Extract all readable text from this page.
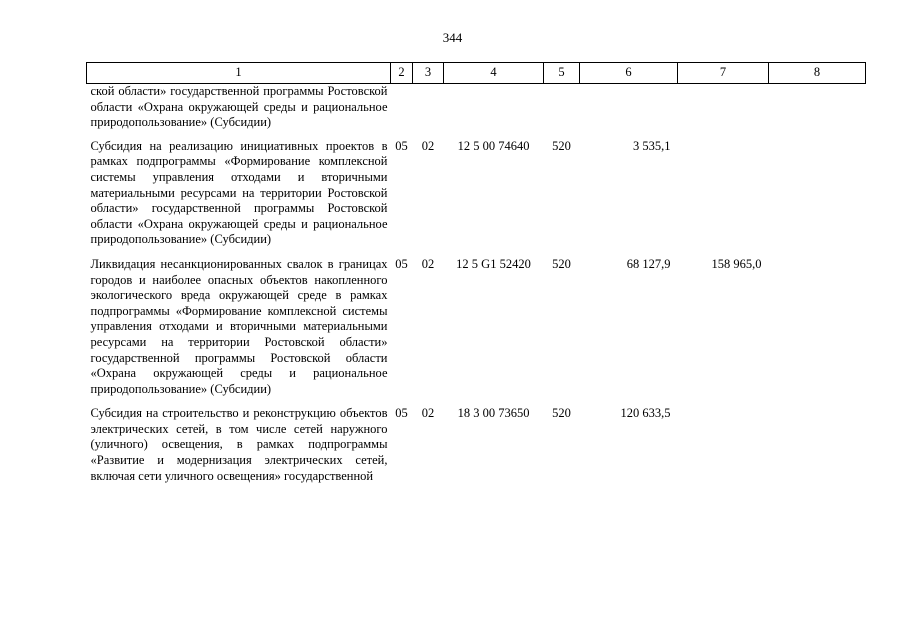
344
1	2	3	4	5	6	7	8
ской области» государственной программы Ростовской области «Охрана окружающей среды и рациональное природопользование» (Субсидии)							
Субсидия на реализацию инициативных проектов в рамках подпрограммы «Формирование комплексной системы управления отходами и вторичными материальными ресурсами на территории Ростовской области» государственной программы Ростовской области «Охрана окружающей среды и рациональное природопользование» (Субсидии)	05	02	12 5 00 74640	520	3 535,1		
Ликвидация несанкционированных свалок в границах городов и наиболее опасных объектов накопленного экологического вреда окружающей среде в рамках подпрограммы «Формирование комплексной системы управления отходами и вторичными материальными ресурсами на территории Ростовской области» государственной программы Ростовской области «Охрана окружающей среды и рациональное природопользование» (Субсидии)	05	02	12 5 G1 52420	520	68 127,9	158 965,0	
Субсидия на строительство и реконструкцию объектов электрических сетей, в том числе сетей наружного (уличного) освещения, в рамках подпрограммы «Развитие и модернизация электрических сетей, включая сети уличного освещения» государственной	05	02	18 3 00 73650	520	120 633,5		
